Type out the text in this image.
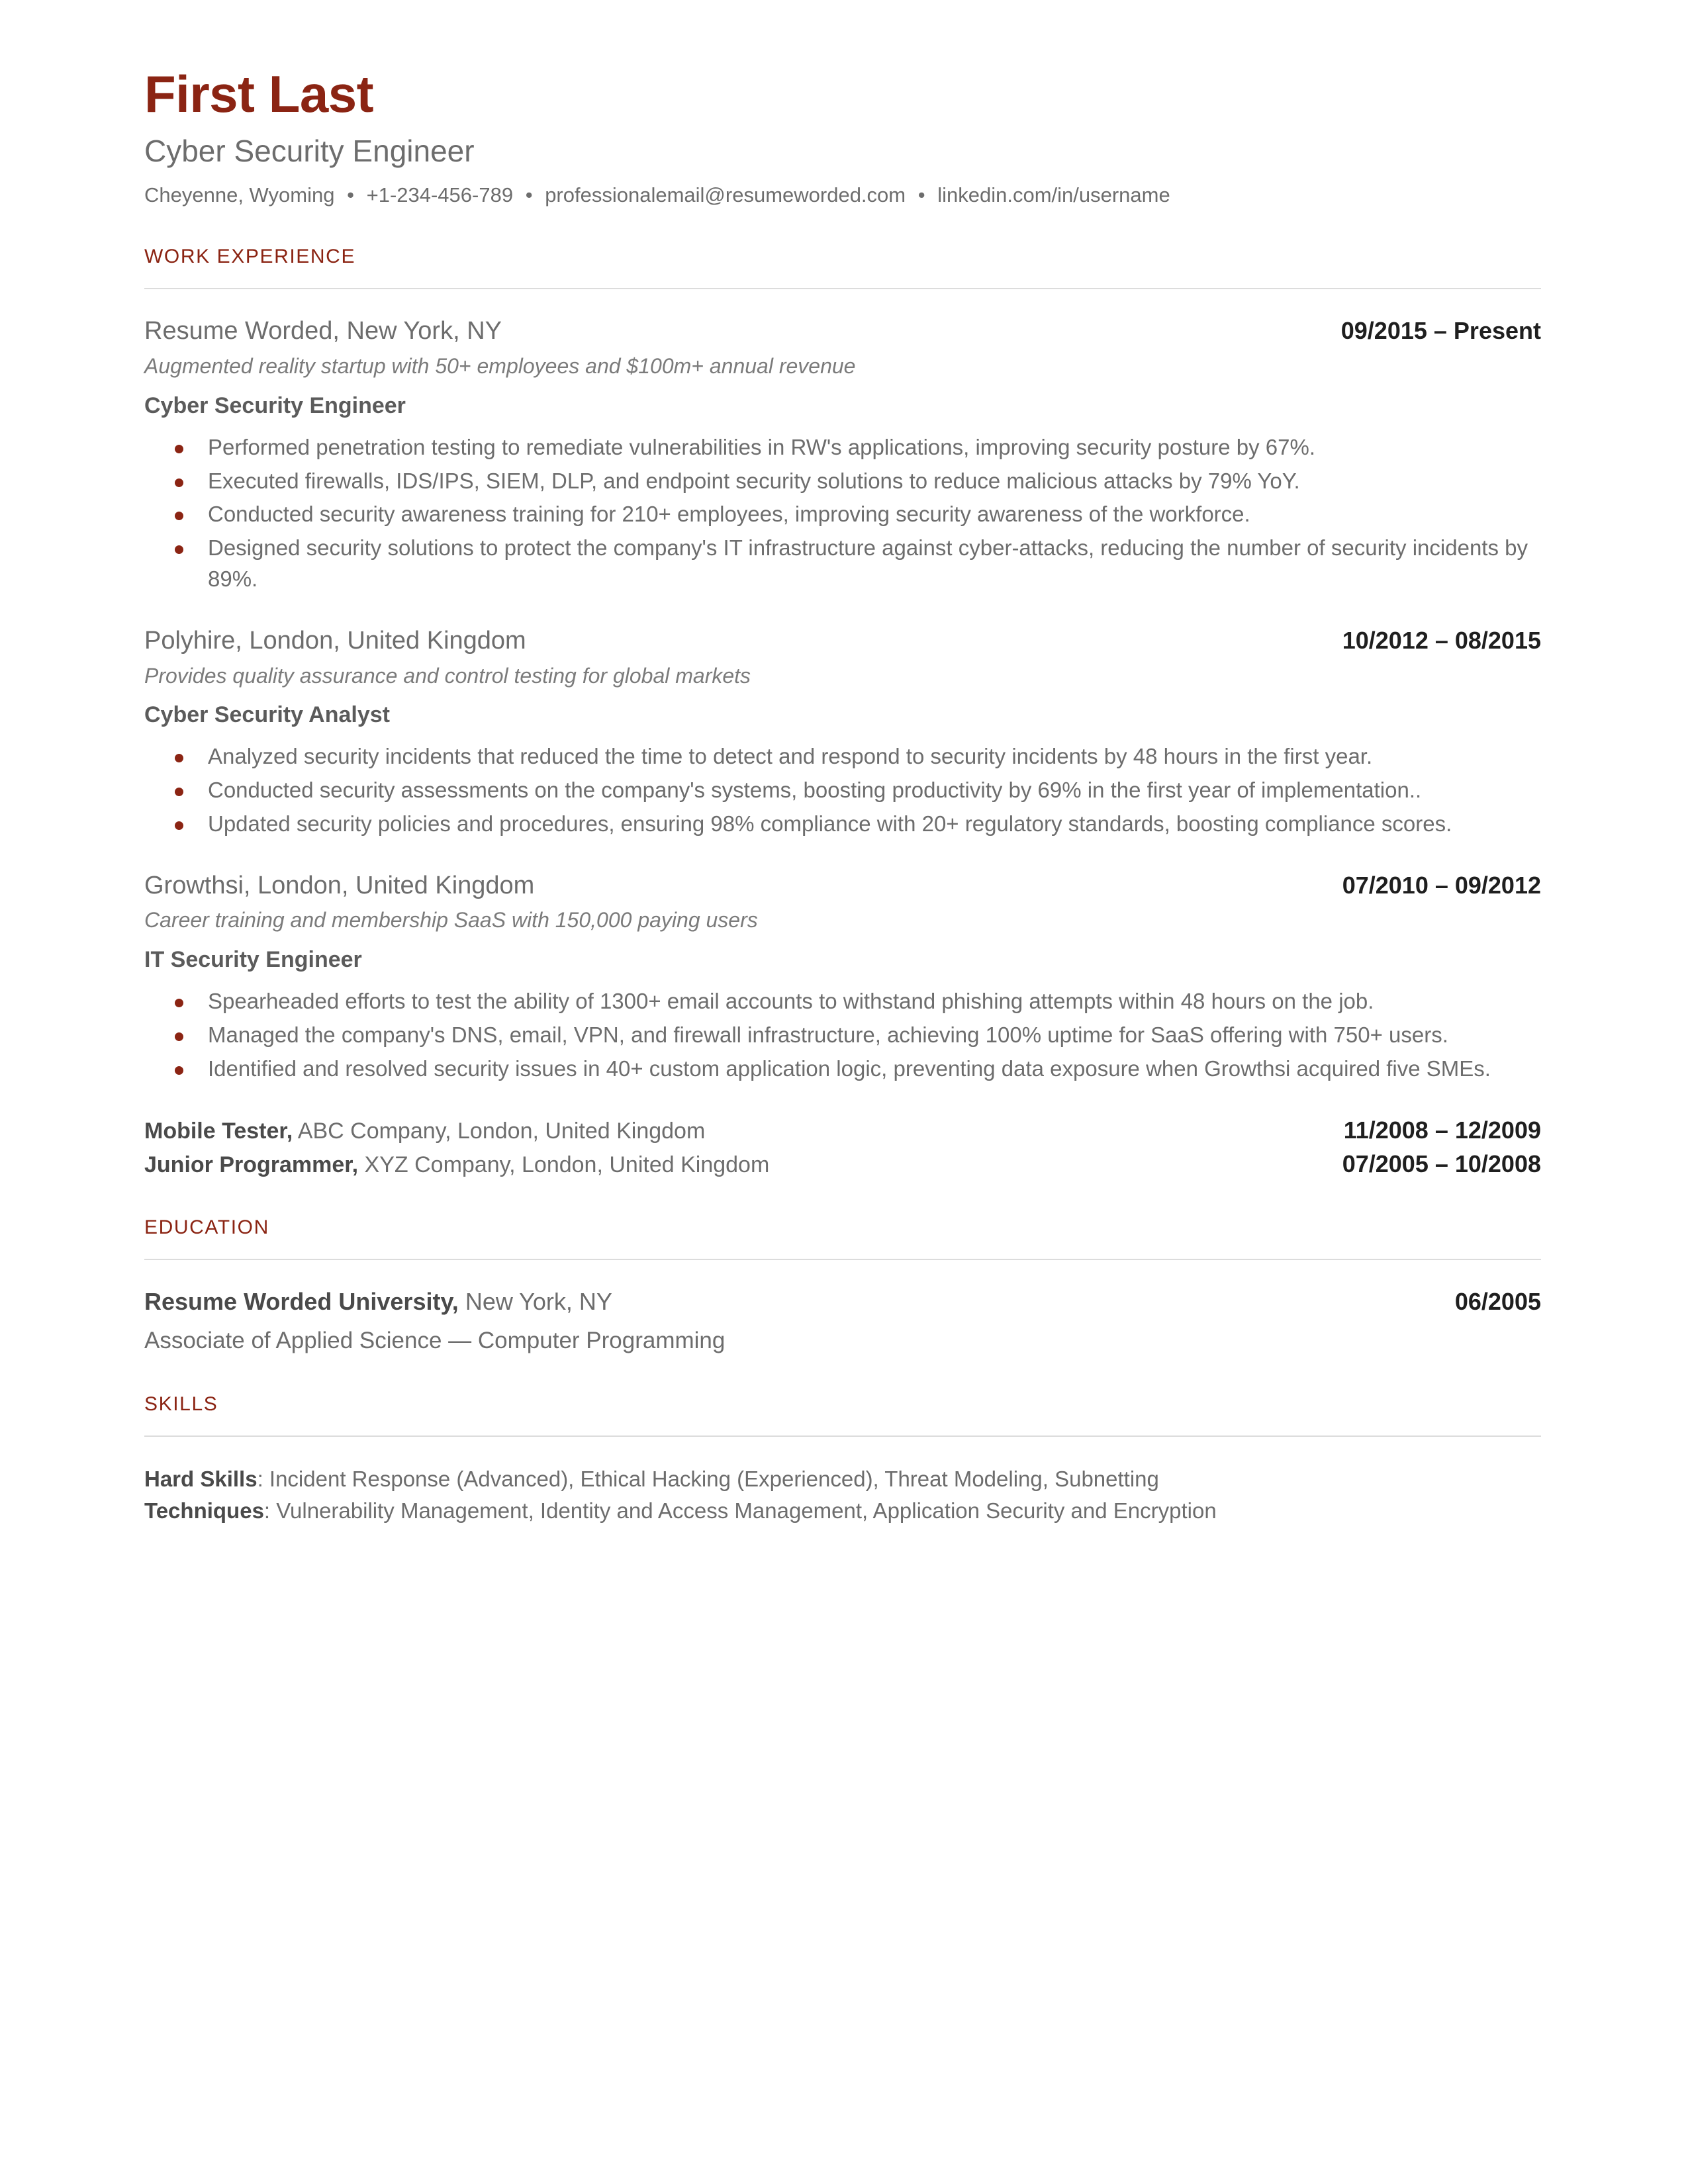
First Last
Cyber Security Engineer
Cheyenne, Wyoming • +1-234-456-789 • professionalemail@resumeworded.com • linkedin.com/in/username
WORK EXPERIENCE
Resume Worded, New York, NY	09/2015 – Present
Augmented reality startup with 50+ employees and $100m+ annual revenue
Cyber Security Engineer
Performed penetration testing to remediate vulnerabilities in RW's applications, improving security posture by 67%.
Executed firewalls, IDS/IPS, SIEM, DLP, and endpoint security solutions to reduce malicious attacks by 79% YoY.
Conducted security awareness training for 210+ employees, improving security awareness of the workforce.
Designed security solutions to protect the company's IT infrastructure against cyber-attacks, reducing the number of security incidents by 89%.
Polyhire, London, United Kingdom	10/2012 – 08/2015
Provides quality assurance and control testing for global markets
Cyber Security Analyst
Analyzed security incidents that reduced the time to detect and respond to security incidents by 48 hours in the first year.
Conducted security assessments on the company's systems, boosting productivity by 69% in the first year of implementation..
Updated security policies and procedures, ensuring 98% compliance with 20+ regulatory standards, boosting compliance scores.
Growthsi, London, United Kingdom	07/2010 – 09/2012
Career training and membership SaaS with 150,000 paying users
IT Security Engineer
Spearheaded efforts to test the ability of 1300+ email accounts to withstand phishing attempts within 48 hours on the job.
Managed the company's DNS, email, VPN, and firewall infrastructure, achieving 100% uptime for SaaS offering with 750+ users.
Identified and resolved security issues in 40+ custom application logic, preventing data exposure when Growthsi acquired five SMEs.
Mobile Tester, ABC Company, London, United Kingdom	11/2008 – 12/2009
Junior Programmer, XYZ Company, London, United Kingdom	07/2005 – 10/2008
EDUCATION
Resume Worded University, New York, NY	06/2005
Associate of Applied Science — Computer Programming
SKILLS
Hard Skills: Incident Response (Advanced), Ethical Hacking (Experienced), Threat Modeling, Subnetting
Techniques: Vulnerability Management, Identity and Access Management, Application Security and Encryption
